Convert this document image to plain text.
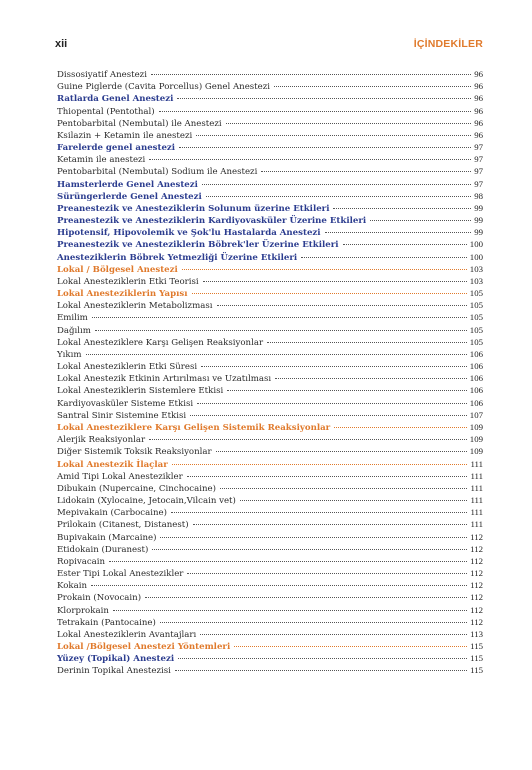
xii	İÇİNDEKİLER
Dissosiyatif Anestezi	96
Guine Piglerde (Cavita Porcellus) Genel Anestezi	96
Ratlarda Genel Anestezi	96
Thiopental (Pentothal)	96
Pentobarbital (Nembutal) ile Anestezi	96
Ksilazin + Ketamin ile anestezi	96
Farelerde genel anestezi	97
Ketamin ile anestezi	97
Pentobarbital (Nembutal) Sodium ile Anestezi	97
Hamsterlerde Genel Anestezi	97
Sürüngerlerde Genel Anestezi	98
Preanestezik ve Anesteziklerin Solunum üzerine Etkileri	99
Preanestezik ve Anesteziklerin Kardiyovasküler Üzerine Etkileri	99
Hipotensif, Hipovolemik ve Şok'lu Hastalarda Anestezi	99
Preanestezik ve Anesteziklerin Böbrek'ler Üzerine Etkileri	100
Anesteziklerin Böbrek Yetmezliği Üzerine Etkileri	100
Lokal / Bölgesel Anestezi	103
Lokal Anesteziklerin Etki Teorisi	103
Lokal Anesteziklerin Yapısı	105
Lokal Anesteziklerin Metabolizması	105
Emilim	105
Dağılım	105
Lokal Anesteziklere Karşı Gelişen Reaksiyonlar	105
Yıkım	106
Lokal Anesteziklerin Etki Süresi	106
Lokal Anestezik Etkinin Artırılması ve Uzatılması	106
Lokal Anesteziklerin Sistemlere Etkisi	106
Kardiyovasküler Sisteme Etkisi	106
Santral Sinir Sistemine Etkisi	107
Lokal Anesteziklere Karşı Gelişen Sistemik Reaksiyonlar	109
Alerjik Reaksiyonlar	109
Diğer Sistemik Toksik Reaksiyonlar	109
Lokal Anestezik İlaçlar	111
Amid Tipi Lokal Anestezikler	111
Dibukain (Nupercaine, Cinchocaine)	111
Lidokain (Xylocaine, Jetocain,Vilcain vet)	111
Mepivakain (Carbocaine)	111
Prilokain (Citanest, Distanest)	111
Bupivakain (Marcaine)	112
Etidokain (Duranest)	112
Ropivacain	112
Ester Tipi Lokal Anestezikler	112
Kokain	112
Prokain (Novocain)	112
Klorprokain	112
Tetrakain (Pantocaine)	112
Lokal Anesteziklerin Avantajları	113
Lokal /Bölgesel Anestezi Yöntemleri	115
Yüzey (Topikal) Anestezi	115
Derinin Topikal Anestezisi	115
